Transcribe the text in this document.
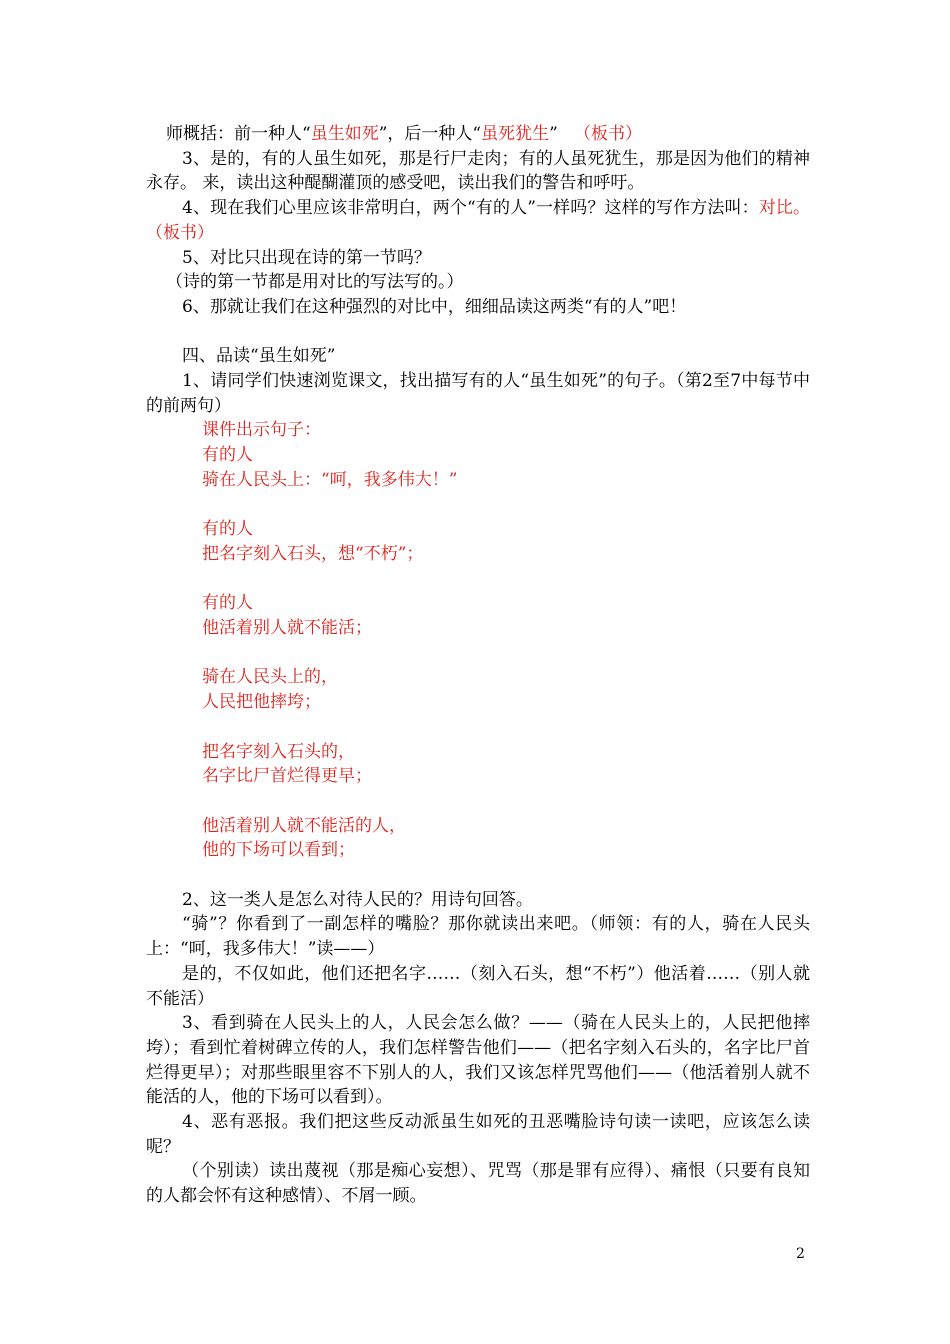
师概括：前一种人“虽生如死”，后一种人“虽死犹生” （板书）

3、是的，有的人虽生如死，那是行尸走肉；有的人虽死犹生，那是因为他们的精神永存。 来，读出这种醍醐灌顶的感受吧，读出我们的警告和呼吁。

4、现在我们心里应该非常明白，两个“有的人”一样吗？这样的写作方法叫：对比。（板书）

5、对比只出现在诗的第一节吗？

（诗的第一节都是用对比的写法写的。）

6、那就让我们在这种强烈的对比中，细细品读这两类“有的人”吧！

四、品读“虽生如死”

1、请同学们快速浏览课文，找出描写有的人“虽生如死”的句子。（第2至7中每节中的前两句）

课件出示句子：

有的人

骑在人民头上：“呵，我多伟大！”

有的人

把名字刻入石头，想“不朽”；

有的人

他活着别人就不能活；

骑在人民头上的，

人民把他摔垮；

把名字刻入石头的，

名字比尸首烂得更早；

他活着别人就不能活的人，

他的下场可以看到；

2、这一类人是怎么对待人民的？用诗句回答。

“骑”？你看到了一副怎样的嘴脸？那你就读出来吧。（师领：有的人，骑在人民头上：“呵，我多伟大！”读——）

是的，不仅如此，他们还把名字……（刻入石头，想“不朽”）他活着……（别人就不能活）

3、看到骑在人民头上的人，人民会怎么做？——（骑在人民头上的，人民把他摔垮）；看到忙着树碑立传的人，我们怎样警告他们——（把名字刻入石头的，名字比尸首烂得更早）；对那些眼里容不下别人的人，我们又该怎样咒骂他们——（他活着别人就不能活的人，他的下场可以看到）。

4、恶有恶报。我们把这些反动派虽生如死的丑恶嘴脸诗句读一读吧，应该怎么读呢？

（个别读）读出蔑视（那是痴心妄想）、咒骂（那是罪有应得）、痛恨（只要有良知的人都会怀有这种感情）、不屑一顾。

2
